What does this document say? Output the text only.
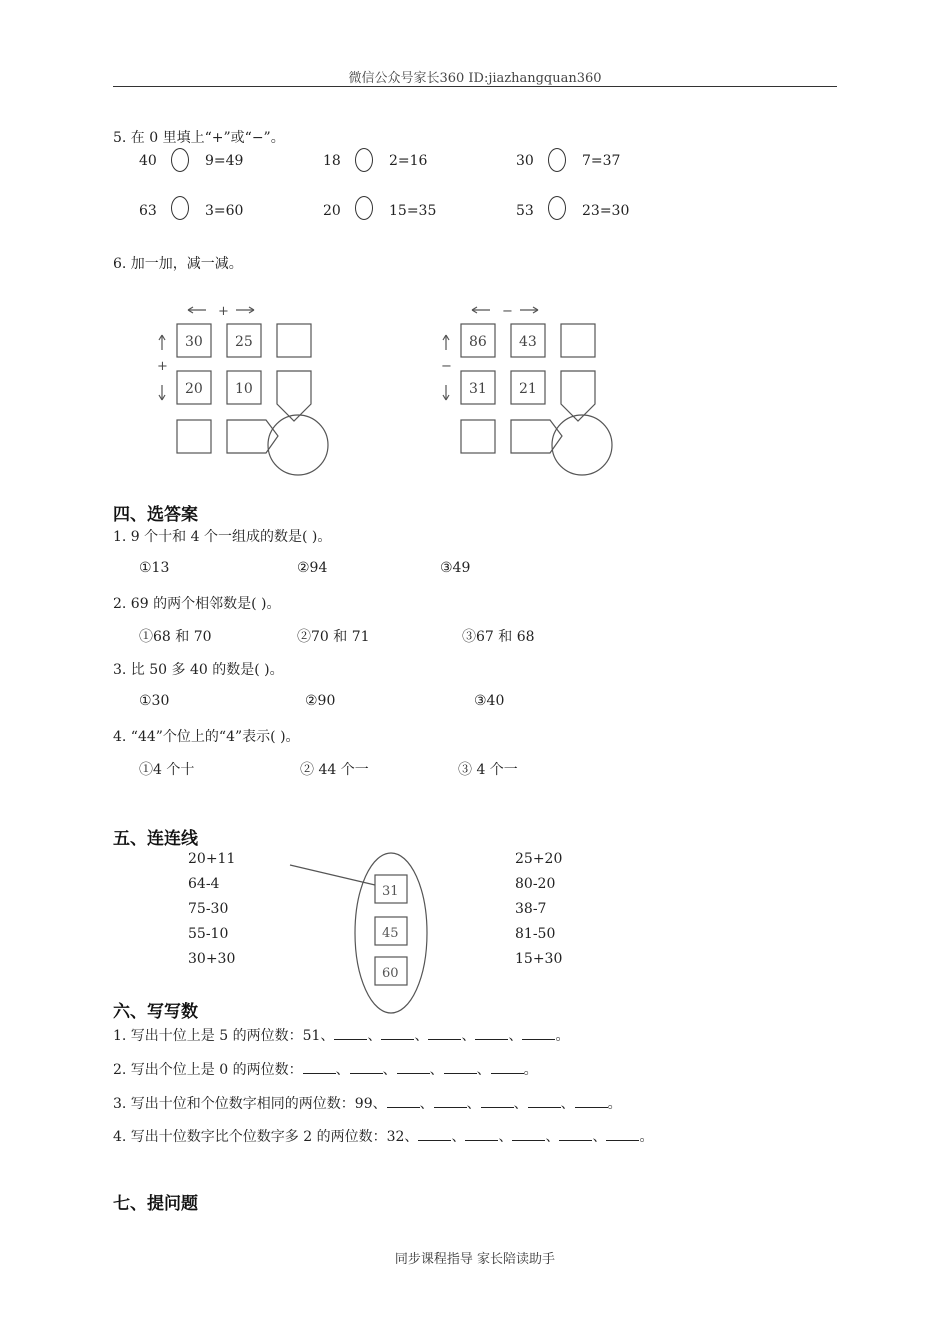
微信公众号家长360 ID:jiazhangquan360
5. 在 0 里填上“+”或“−”。
40	9=49	18	2=16	30	7=37
63	3=60	20	15=35	53	23=30
6. 加一加，减一减。
+
+
30 25
20 10
−
−
86 43
31 21
四、选答案
1. 9 个十和 4 个一组成的数是( )。
①13	②94	③49
2. 69 的两个相邻数是( )。
①68 和 70	②70 和 71	③67 和 68
3. 比 50 多 40 的数是( )。
①30	②90	③40
4. “44”个位上的“4”表示( )。
①4 个十	② 44 个一	③ 4 个一
五、连连线
20+11
64-4
75-30
55-10
30+30
31
45
60
25+20
80-20
38-7
81-50
15+30
六、写写数
1. 写出十位上是 5 的两位数：51、 、 、 、 、 。
2. 写出个位上是 0 的两位数： 、 、 、 、 。
3. 写出十位和个位数字相同的两位数：99、 、 、 、 、 。
4. 写出十位数字比个位数字多 2 的两位数：32、 、 、 、 、 。
七、提问题
同步课程指导 家长陪读助手
